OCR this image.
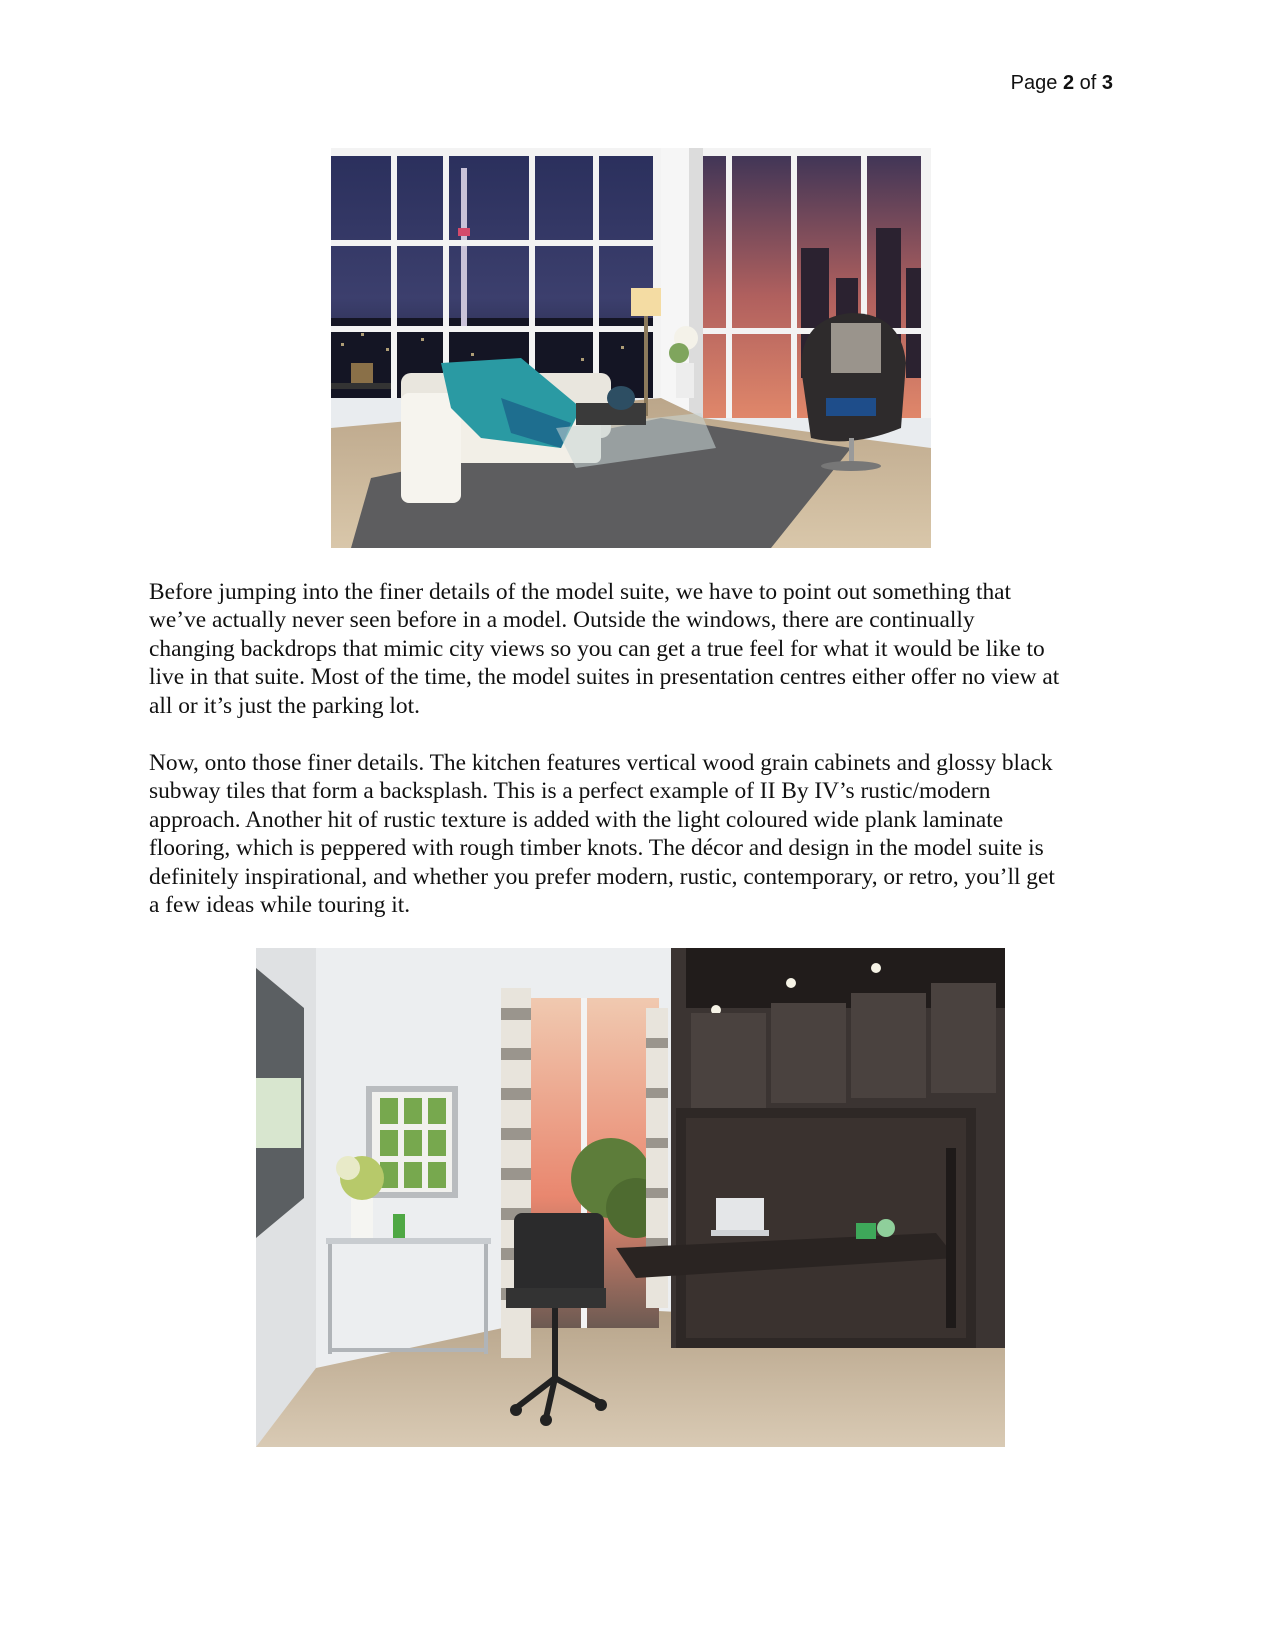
Page 2 of 3

Before jumping into the finer details of the model suite, we have to point out something that
we’ve actually never seen before in a model. Outside the windows, there are continually
changing backdrops that mimic city views so you can get a true feel for what it would be like to
live in that suite. Most of the time, the model suites in presentation centres either offer no view at
all or it’s just the parking lot.

Now, onto those finer details. The kitchen features vertical wood grain cabinets and glossy black
subway tiles that form a backsplash. This is a perfect example of II By IV’s rustic/modern
approach. Another hit of rustic texture is added with the light coloured wide plank laminate
flooring, which is peppered with rough timber knots. The décor and design in the model suite is
definitely inspirational, and whether you prefer modern, rustic, contemporary, or retro, you’ll get
a few ideas while touring it.
